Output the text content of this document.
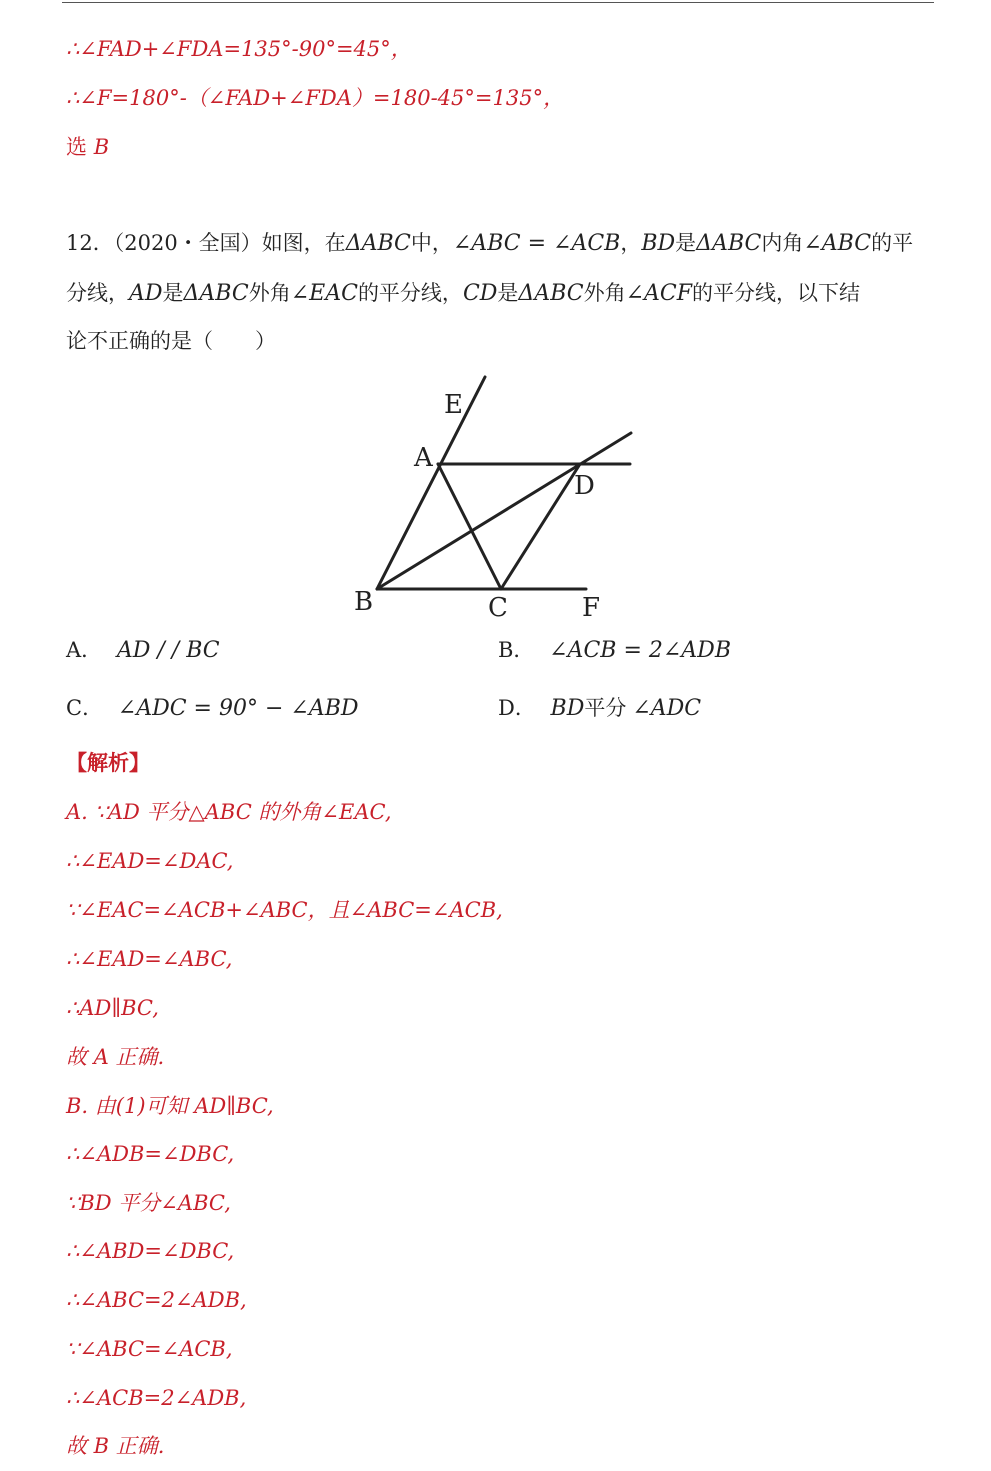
∴∠FAD+∠FDA=135°-90°=45°，
∴∠F=180°-（∠FAD+∠FDA）=180-45°=135°，
选 B
12．（2020・全国）如图，在ΔABC中，∠ABC = ∠ACB，BD是ΔABC内角∠ABC的平
分线，AD是ΔABC外角∠EAC的平分线，CD是ΔABC外角∠ACF的平分线，以下结
论不正确的是（　　）
E
A
D
B	C	F
A． AD / / BC	B． ∠ACB = 2∠ADB
C． ∠ADC = 90° − ∠ABD	D． BD平分 ∠ADC
【解析】
A. ∵AD 平分△ABC 的外角∠EAC,
∴∠EAD=∠DAC,
∵∠EAC=∠ACB+∠ABC，且∠ABC=∠ACB,
∴∠EAD=∠ABC,
∴AD∥BC,
故 A 正确.
B. 由(1)可知 AD∥BC,
∴∠ADB=∠DBC,
∵BD 平分∠ABC,
∴∠ABD=∠DBC,
∴∠ABC=2∠ADB,
∵∠ABC=∠ACB,
∴∠ACB=2∠ADB,
故 B 正确.
